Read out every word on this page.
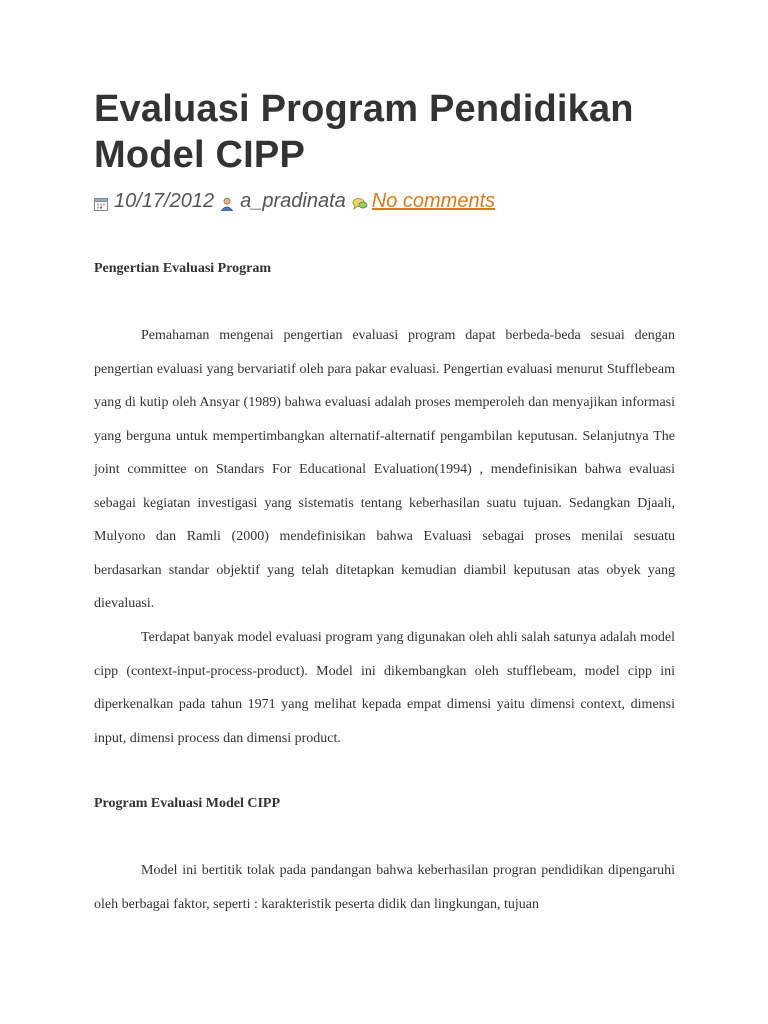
Evaluasi Program Pendidikan Model CIPP
10/17/2012 a_pradinata No comments
Pengertian Evaluasi Program

Pemahaman mengenai pengertian evaluasi program dapat berbeda-beda sesuai dengan pengertian evaluasi yang bervariatif oleh para pakar evaluasi. Pengertian evaluasi menurut Stufflebeam yang di kutip oleh Ansyar (1989) bahwa evaluasi adalah proses memperoleh dan menyajikan informasi yang berguna untuk mempertimbangkan alternatif-alternatif pengambilan keputusan. Selanjutnya The joint committee on Standars For Educational Evaluation(1994) , mendefinisikan bahwa evaluasi sebagai kegiatan investigasi yang sistematis tentang keberhasilan suatu tujuan. Sedangkan Djaali, Mulyono dan Ramli (2000) mendefinisikan bahwa Evaluasi sebagai proses menilai sesuatu berdasarkan standar objektif yang telah ditetapkan kemudian diambil keputusan atas obyek yang dievaluasi.

Terdapat banyak model evaluasi program yang digunakan oleh ahli salah satunya adalah model cipp (context-input-process-product). Model ini dikembangkan oleh stufflebeam, model cipp ini diperkenalkan pada tahun 1971 yang melihat kepada empat dimensi yaitu dimensi context, dimensi input, dimensi process dan dimensi product.

Program Evaluasi Model CIPP

Model ini bertitik tolak pada pandangan bahwa keberhasilan progran pendidikan dipengaruhi oleh berbagai faktor, seperti : karakteristik peserta didik dan lingkungan, tujuan
